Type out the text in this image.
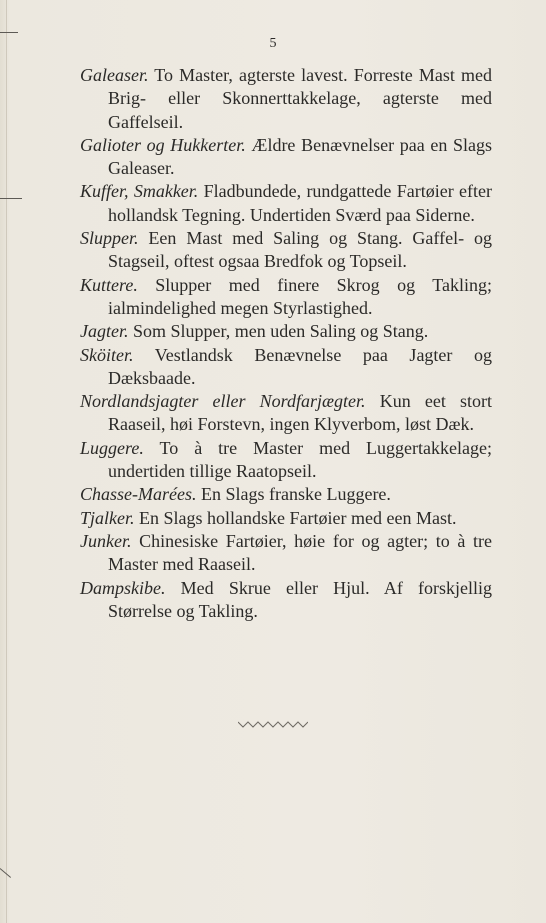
5

Galeaser. To Master, agterste lavest. Forreste Mast med Brig- eller Skonnerttakkelage, agterste med Gaffelseil.

Galioter og Hukkerter. Ældre Benævnelser paa en Slags Galeaser.

Kuffer, Smakker. Fladbundede, rundgattede Fartøier efter hollandsk Tegning. Undertiden Sværd paa Siderne.

Slupper. Een Mast med Saling og Stang. Gaffel- og Stagseil, oftest ogsaa Bredfok og Topseil.

Kuttere. Slupper med finere Skrog og Takling; ialmindelighed megen Styrlastighed.

Jagter. Som Slupper, men uden Saling og Stang.

Sköiter. Vestlandsk Benævnelse paa Jagter og Dæksbaade.

Nordlandsjagter eller Nordfarjægter. Kun eet stort Raaseil, høi Forstevn, ingen Klyverbom, løst Dæk.

Luggere. To à tre Master med Luggertakkelage; undertiden tillige Raatopseil.

Chasse-Marées. En Slags franske Luggere.

Tjalker. En Slags hollandske Fartøier med een Mast.

Junker. Chinesiske Fartøier, høie for og agter; to à tre Master med Raaseil.

Dampskibe. Med Skrue eller Hjul. Af forskjellig Størrelse og Takling.
